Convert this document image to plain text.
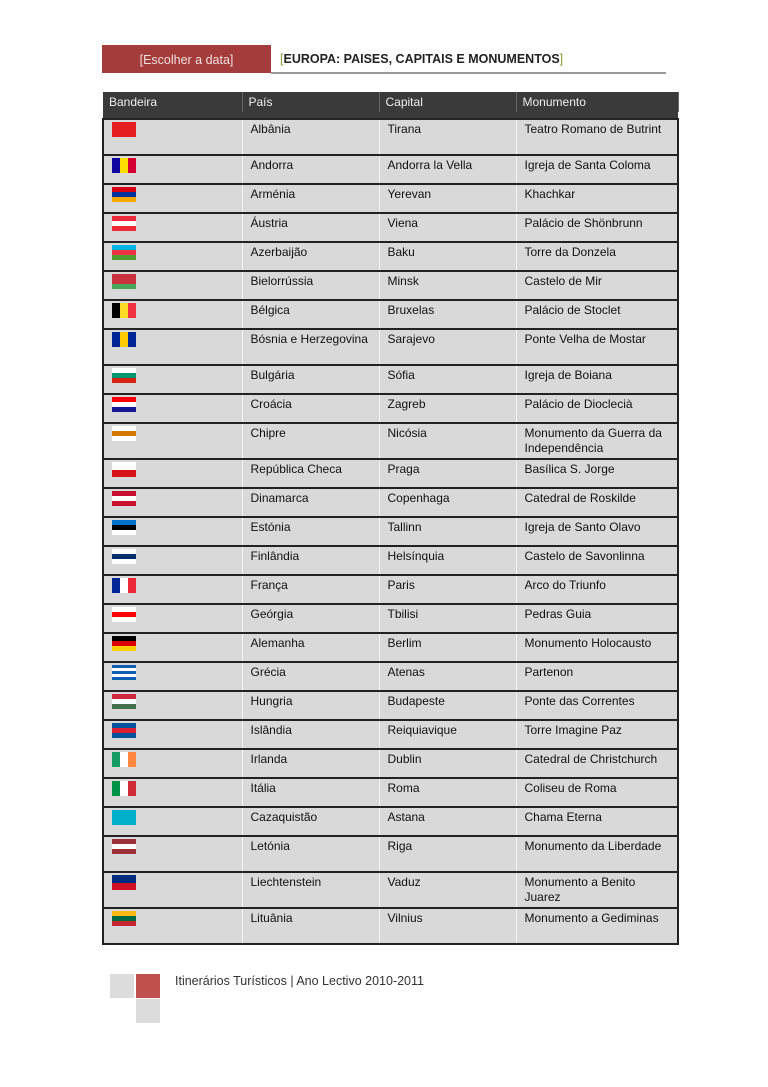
[Escolher a data]	[EUROPA: PAISES, CAPITAIS E MONUMENTOS]
Bandeira	País	Capital	Monumento

	Albânia	Tirana	Teatro Romano de Butrint

	Andorra	Andorra la Vella	Igreja de Santa Coloma

	Arménia	Yerevan	Khachkar

	Áustria	Viena	Palácio de Shönbrunn

	Azerbaijão	Baku	Torre da Donzela

	Bielorrússia	Minsk	Castelo de Mir

	Bélgica	Bruxelas	Palácio de Stoclet

	Bósnia e Herzegovina	Sarajevo	Ponte Velha de Mostar

	Bulgária	Sófia	Igreja de Boiana

	Croácia	Zagreb	Palácio de Dioclecià

	Chipre	Nicósia	Monumento da Guerra da Independência

	República Checa	Praga	Basílica S. Jorge

	Dinamarca	Copenhaga	Catedral de Roskilde

	Estónia	Tallinn	Igreja de Santo Olavo

	Finlândia	Helsínquia	Castelo de Savonlinna

	França	Paris	Arco do Triunfo

	Geórgia	Tbilisi	Pedras Guia

	Alemanha	Berlim	Monumento Holocausto

	Grécia	Atenas	Partenon

	Hungria	Budapeste	Ponte das Correntes

	Islândia	Reiquiavique	Torre Imagine Paz

	Irlanda	Dublin	Catedral de Christchurch

	Itália	Roma	Coliseu de Roma

	Cazaquistão	Astana	Chama Eterna

	Letónia	Riga	Monumento da Liberdade

	Liechtenstein	Vaduz	Monumento a Benito Juarez

	Lituânia	Vilnius	Monumento a Gediminas
Itinerários Turísticos | Ano Lectivo 2010-2011
